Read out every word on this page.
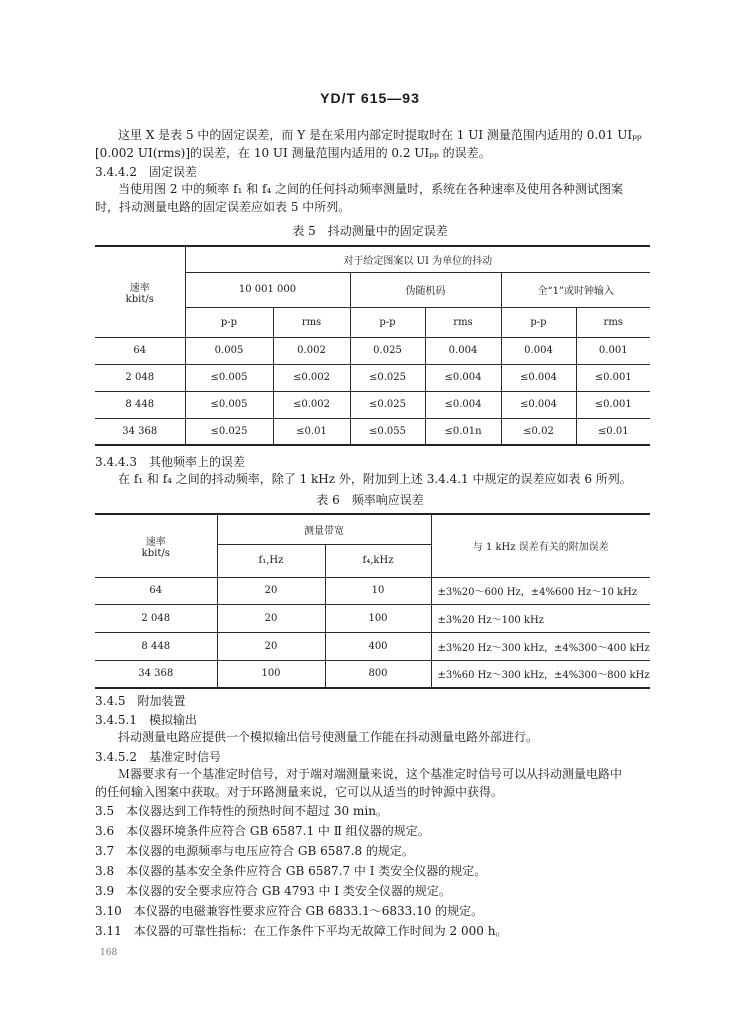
YD/T 615—93
这里 X 是表 5 中的固定误差，而 Y 是在采用内部定时提取时在 1 UI 测量范围内适用的 0.01 UIₚₚ
[0.002 UI(rms)]的误差，在 10 UI 测量范围内适用的 0.2 UIₚₚ 的误差。
3.4.4.2　固定误差
当使用图 2 中的频率 f₁ 和 f₄ 之间的任何抖动频率测量时，系统在各种速率及使用各种测试图案
时，抖动测量电路的固定误差应如表 5 中所列。
表 5　抖动测量中的固定误差
速率
kbit/s	对于给定图案以 UI 为单位的抖动					
	10 001 000		伪随机码		全“1”或时钟输入	
	p-p	rms	p-p	rms	p-p	rms
64	0.005	0.002	0.025	0.004	0.004	0.001
2 048	≤0.005	≤0.002	≤0.025	≤0.004	≤0.004	≤0.001
8 448	≤0.005	≤0.002	≤0.025	≤0.004	≤0.004	≤0.001
34 368	≤0.025	≤0.01	≤0.055	≤0.01n	≤0.02	≤0.01
3.4.4.3　其他频率上的误差
在 f₁ 和 f₄ 之间的抖动频率，除了 1 kHz 外，附加到上述 3.4.4.1 中规定的误差应如表 6 所列。
表 6　频率响应误差
速率
kbit/s	测量带宽		与 1 kHz 误差有关的附加误差
	f₁,Hz	f₄,kHz	
64	20	10	±3%20～600 Hz，±4%600 Hz～10 kHz
2 048	20	100	±3%20 Hz～100 kHz
8 448	20	400	±3%20 Hz～300 kHz，±4%300～400 kHz
34 368	100	800	±3%60 Hz～300 kHz，±4%300～800 kHz
3.4.5　附加装置
3.4.5.1　模拟输出
抖动测量电路应提供一个模拟输出信号使测量工作能在抖动测量电路外部进行。
3.4.5.2　基准定时信号
Ｍ器要求有一个基准定时信号，对于端对端测量来说，这个基准定时信号可以从抖动测量电路中
的任何输入图案中获取。对于环路测量来说，它可以从适当的时钟源中获得。
3.5　本仪器达到工作特性的预热时间不超过 30 min。
3.6　本仪器环境条件应符合 GB 6587.1 中 Ⅱ 组仪器的规定。
3.7　本仪器的电源频率与电压应符合 GB 6587.8 的规定。
3.8　本仪器的基本安全条件应符合 GB 6587.7 中 Ⅰ 类安全仪器的规定。
3.9　本仪器的安全要求应符合 GB 4793 中 Ⅰ 类安全仪器的规定。
3.10　本仪器的电磁兼容性要求应符合 GB 6833.1～6833.10 的规定。
3.11　本仪器的可靠性指标：在工作条件下平均无故障工作时间为 2 000 h。
168
